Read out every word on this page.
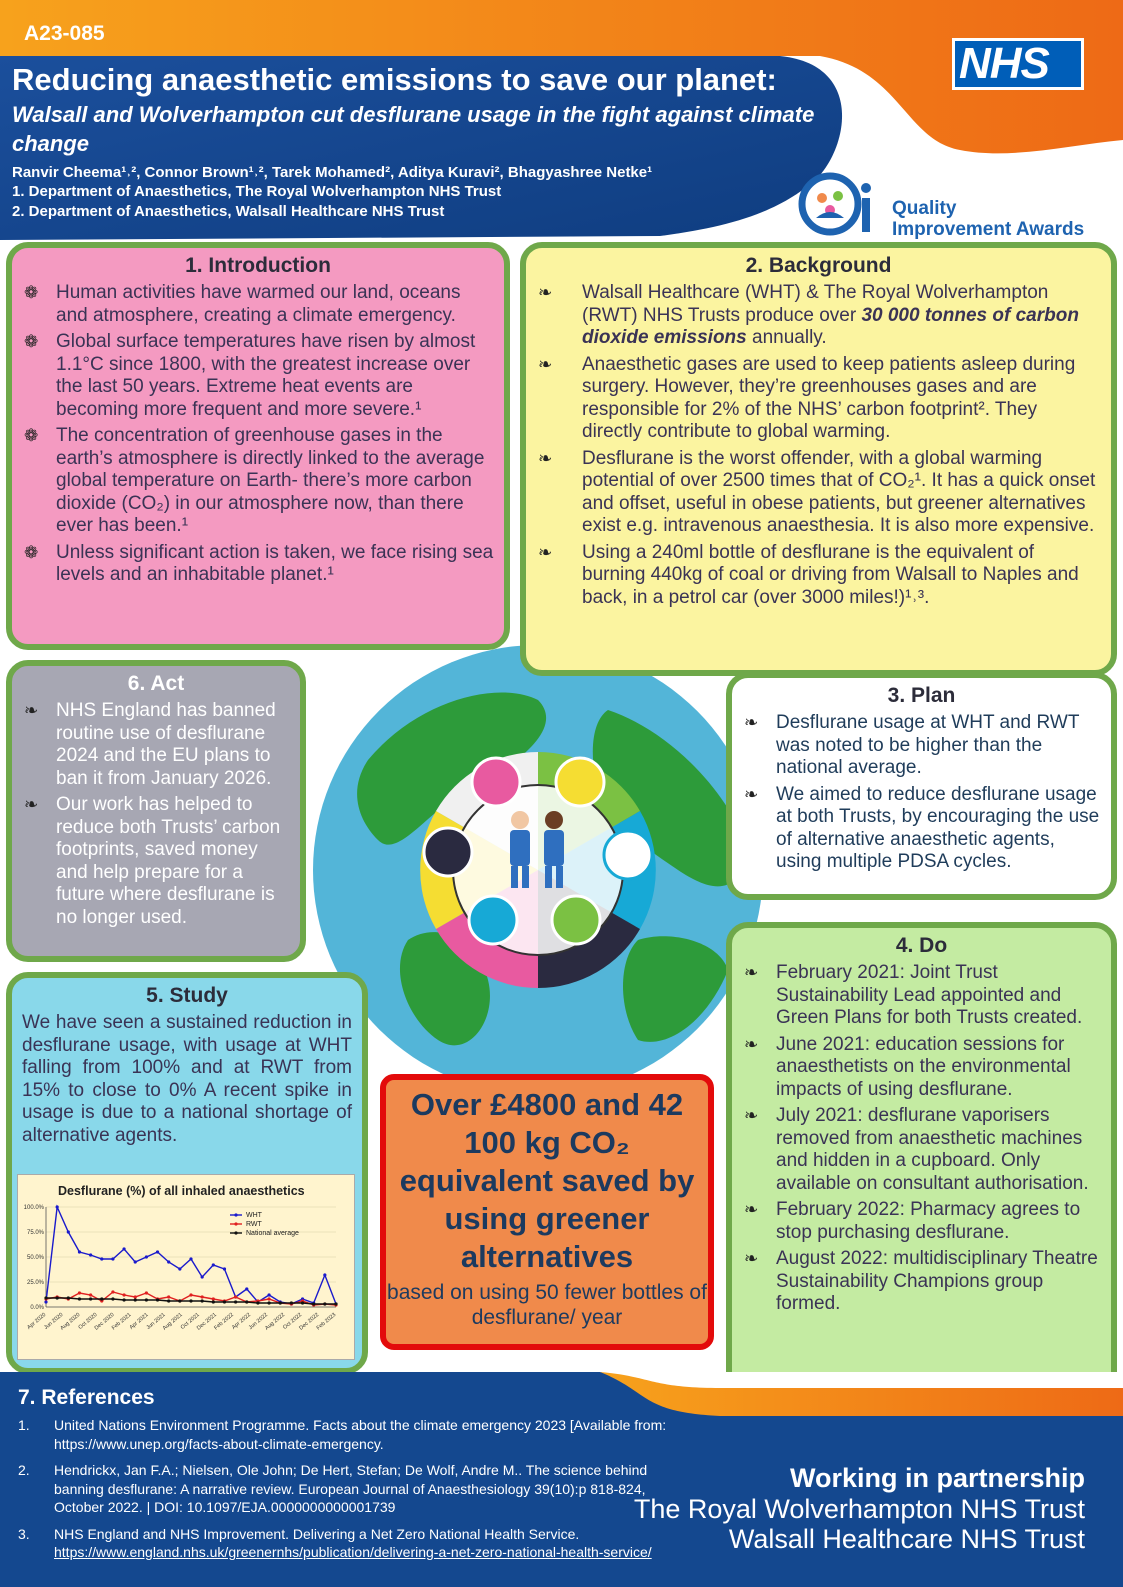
A23-085
Reducing anaesthetic emissions to save our planet:
Walsall and Wolverhampton cut desflurane usage in the fight against climate change
Ranvir Cheema¹˒², Connor Brown¹˒², Tarek Mohamed², Aditya Kuravi², Bhagyashree Netke¹
1. Department of Anaesthetics, The Royal Wolverhampton NHS Trust
2. Department of Anaesthetics, Walsall Healthcare NHS Trust
NHS
Quality
Improvement Awards
1. Introduction
❁ Human activities have warmed our land, oceans and atmosphere, creating a climate emergency.
❁ Global surface temperatures have risen by almost 1.1°C since 1800, with the greatest increase over the last 50 years. Extreme heat events are becoming more frequent and more severe.¹
❁ The concentration of greenhouse gases in the earth’s atmosphere is directly linked to the average global temperature on Earth- there’s more carbon dioxide (CO₂) in our atmosphere now, than there ever has been.¹
❁ Unless significant action is taken, we face rising sea levels and an inhabitable planet.¹
2. Background
❧ Walsall Healthcare (WHT) & The Royal Wolverhampton (RWT) NHS Trusts produce over 30 000 tonnes of carbon dioxide emissions annually.
❧ Anaesthetic gases are used to keep patients asleep during surgery. However, they’re greenhouses gases and are responsible for 2% of the NHS’ carbon footprint². They directly contribute to global warming.
❧ Desflurane is the worst offender, with a global warming potential of over 2500 times that of CO₂¹. It has a quick onset and offset, useful in obese patients, but greener alternatives exist e.g. intravenous anaesthesia. It is also more expensive.
❧ Using a 240ml bottle of desflurane is the equivalent of burning 440kg of coal or driving from Walsall to Naples and back, in a petrol car (over 3000 miles!)¹˒³.
6. Act
❧ NHS England has banned routine use of desflurane 2024 and the EU plans to ban it from January 2026.
❧ Our work has helped to reduce both Trusts’ carbon footprints, saved money and help prepare for a future where desflurane is no longer used.
3. Plan
❧ Desflurane usage at WHT and RWT was noted to be higher than the national average.
❧ We aimed to reduce desflurane usage at both Trusts, by encouraging the use of alternative anaesthetic agents, using multiple PDSA cycles.
4. Do
❧ February 2021: Joint Trust Sustainability Lead appointed and Green Plans for both Trusts created.
❧ June 2021: education sessions for anaesthetists on the environmental impacts of using desflurane.
❧ July 2021: desflurane vaporisers removed from anaesthetic machines and hidden in a cupboard. Only available on consultant authorisation.
❧ February 2022: Pharmacy agrees to stop purchasing desflurane.
❧ August 2022: multidisciplinary Theatre Sustainability Champions group formed.
5. Study

We have seen a sustained reduction in desflurane usage, with usage at WHT falling from 100% and at RWT from 15% to close to 0% A recent spike in usage is due to a national shortage of alternative agents.

Desflurane (%) of all inhaled anaesthetics
0.0%
25.0%
50.0%
75.0%
100.0%
Apr 2020
Jun 2020
Aug 2020
Oct 2020
Dec 2020
Feb 2021
Apr 2021
Jun 2021
Aug 2021
Oct 2021
Dec 2021
Feb 2022
Apr 2022
Jun 2022
Aug 2022
Oct 2022
Dec 2022
Feb 2023
WHT
RWT
National average
Over £4800 and 42 100 kg CO₂ equivalent saved by using greener alternatives
based on using 50 fewer bottles of desflurane/ year
7. References
1. United Nations Environment Programme. Facts about the climate emergency 2023 [Available from: https://www.unep.org/facts-about-climate-emergency.
2. Hendrickx, Jan F.A.; Nielsen, Ole John; De Hert, Stefan; De Wolf, Andre M.. The science behind banning desflurane: A narrative review. European Journal of Anaesthesiology 39(10):p 818-824, October 2022. | DOI: 10.1097/EJA.0000000000001739
3. NHS England and NHS Improvement. Delivering a Net Zero National Health Service.
https://www.england.nhs.uk/greenernhs/publication/delivering-a-net-zero-national-health-service/
Working in partnership
The Royal Wolverhampton NHS Trust
Walsall Healthcare NHS Trust
